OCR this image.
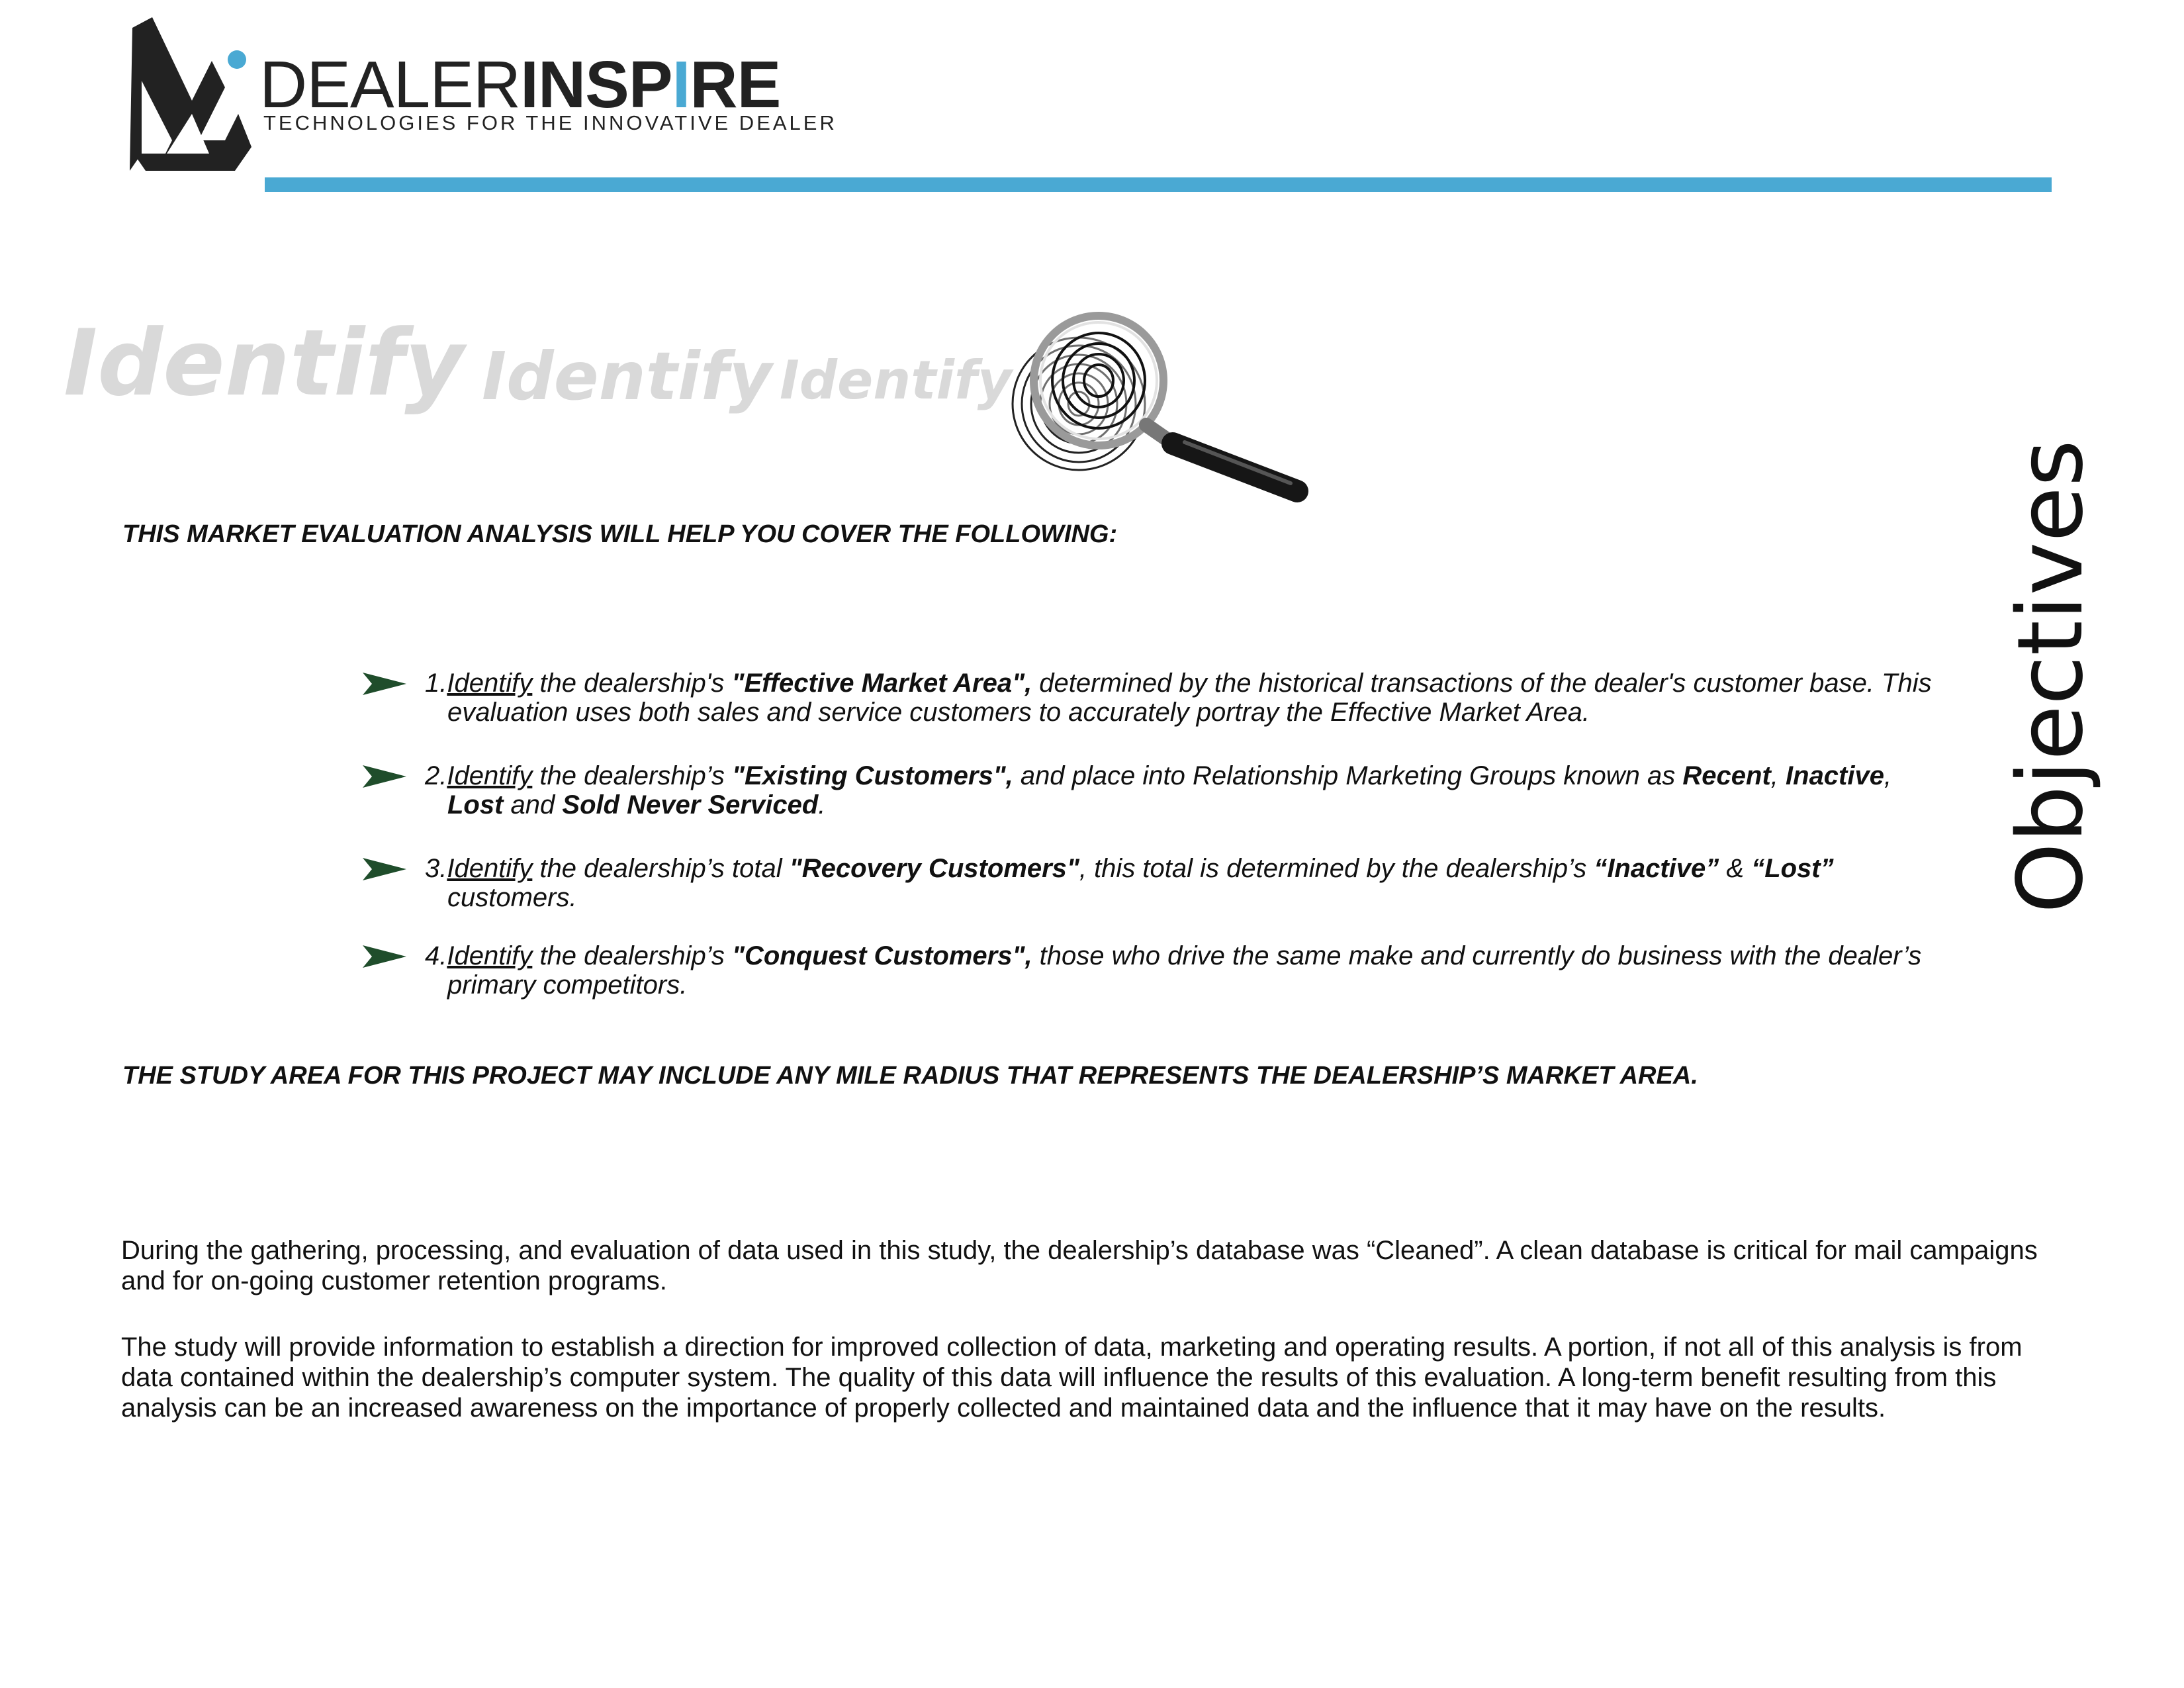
DEALERINSPIRE
TECHNOLOGIES FOR THE INNOVATIVE DEALER
Identify Identify Identify
Objectives
THIS MARKET EVALUATION ANALYSIS WILL HELP YOU COVER THE FOLLOWING:
1.Identify the dealership's "Effective Market Area", determined by the historical transactions of the dealer's customer base. This evaluation uses both sales and service customers to accurately portray the Effective Market Area.
2.Identify the dealership’s "Existing Customers", and place into Relationship Marketing Groups known as Recent, Inactive, Lost and Sold Never Serviced.
3.Identify the dealership’s total "Recovery Customers", this total is determined by the dealership’s “Inactive” & “Lost” customers.
4.Identify the dealership’s "Conquest Customers", those who drive the same make and currently do business with the dealer’s primary competitors.
THE STUDY AREA FOR THIS PROJECT MAY INCLUDE ANY MILE RADIUS THAT REPRESENTS THE DEALERSHIP’S MARKET AREA.

During the gathering, processing, and evaluation of data used in this study, the dealership’s database was “Cleaned”. A clean database is critical for mail campaigns and for on-going customer retention programs.

The study will provide information to establish a direction for improved collection of data, marketing and operating results. A portion, if not all of this analysis is from data contained within the dealership’s computer system. The quality of this data will influence the results of this evaluation. A long-term benefit resulting from this analysis can be an increased awareness on the importance of properly collected and maintained data and the influence that it may have on the results.
